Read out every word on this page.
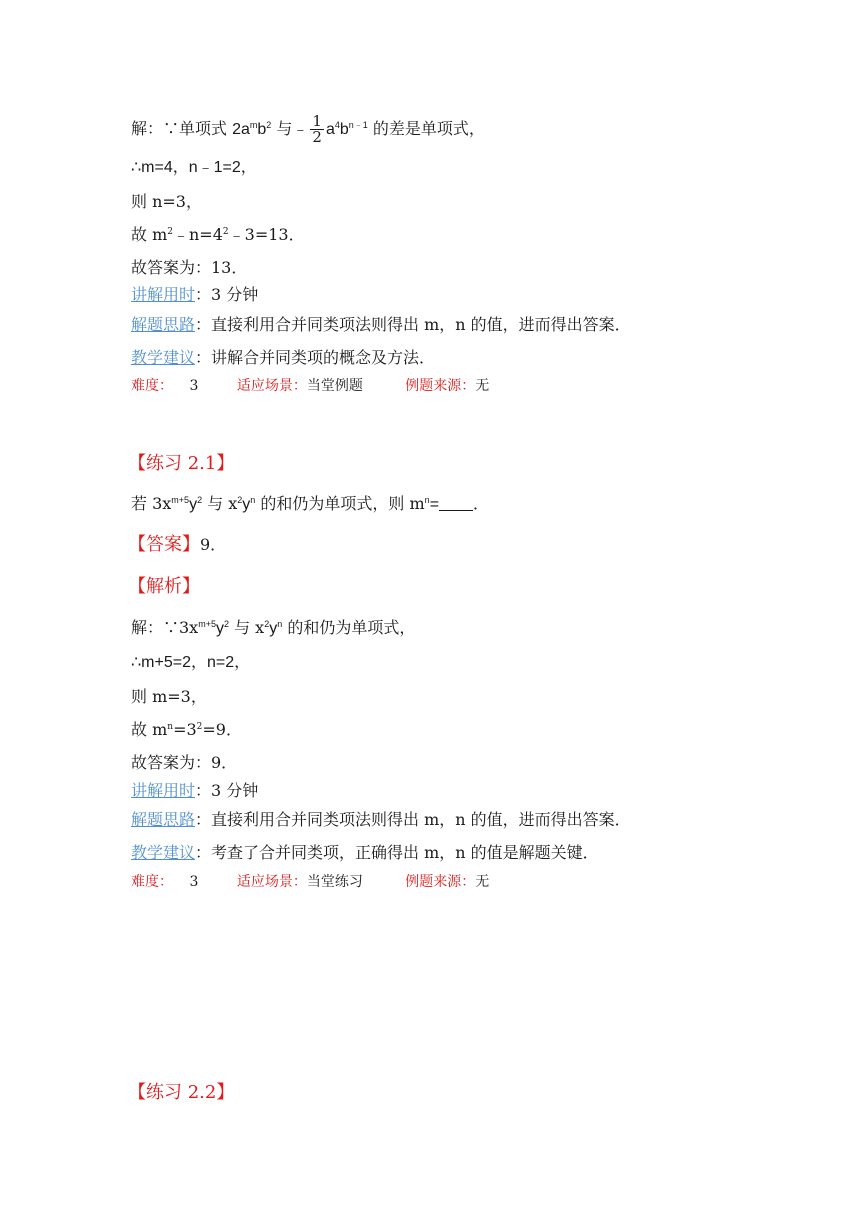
解：∵单项式 $2a^mb^2$ 与﹣ $\frac{1}{2} a^4b^{n﹣1}$ 的差是单项式，
∴m=4，n﹣1=2，
则 n=3，
故 $m^2﹣n=4^2﹣3=13$．
故答案为：13．
讲解用时：3 分钟
解题思路：直接利用合并同类项法则得出 m，n 的值，进而得出答案．
教学建议：讲解合并同类项的概念及方法．
难度： 3	适应场景：当堂例题	例题来源：无
【练习 2.1】
若 $3x^{m+5}y^2$ 与 $x^2y^n$ 的和仍为单项式，则 $m^n=$ ．
【答案】9．
【解析】
解：$\because 3x^{m+5}y^2$ 与 $x^2y^n$ 的和仍为单项式，
∴m+5=2，n=2，
则 m=3，
故 $m^n=3^2=9$．
故答案为：9．
讲解用时：3 分钟
解题思路：直接利用合并同类项法则得出 m，n 的值，进而得出答案．
教学建议：考查了合并同类项，正确得出 m，n 的值是解题关键．
难度： 3	适应场景：当堂练习	例题来源：无
【练习 2.2】
